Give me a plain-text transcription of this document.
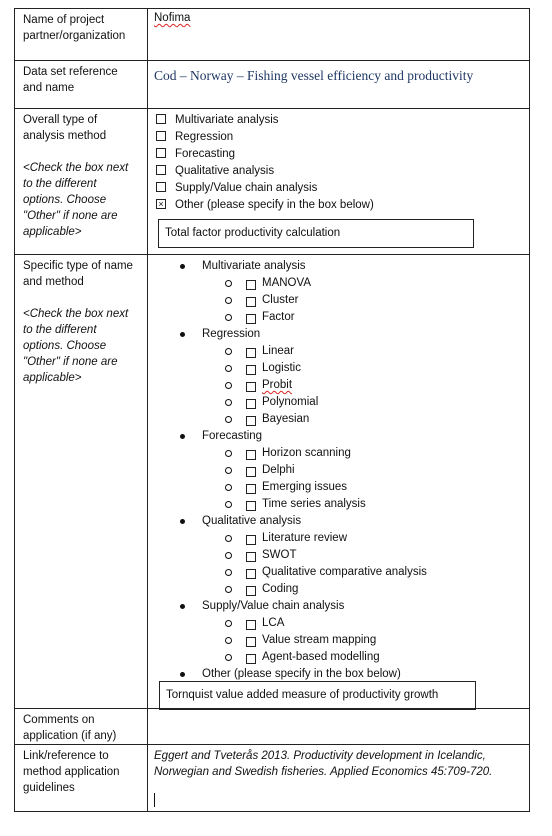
Name of project partner/organization
Nofima
Data set reference and name
Cod – Norway – Fishing vessel efficiency and productivity
Overall type of analysis method
<Check the box next to the different options. Choose "Other" if none are applicable>
Multivariate analysis
Regression
Forecasting
Qualitative analysis
Supply/Value chain analysis
× Other (please specify in the box below)
Total factor productivity calculation
Specific type of name and method
<Check the box next to the different options. Choose "Other" if none are applicable>
Multivariate analysis
MANOVA
Cluster
Factor
Regression
Linear
Logistic
Probit
Polynomial
Bayesian
Forecasting
Horizon scanning
Delphi
Emerging issues
Time series analysis
Qualitative analysis
Literature review
SWOT
Qualitative comparative analysis
Coding
Supply/Value chain analysis
LCA
Value stream mapping
Agent-based modelling
Other (please specify in the box below)
Tornquist value added measure of productivity growth
Comments on application (if any)
Link/reference to method application guidelines
Eggert and Tveterås 2013. Productivity development in Icelandic, Norwegian and Swedish fisheries. Applied Economics 45:709-720.
